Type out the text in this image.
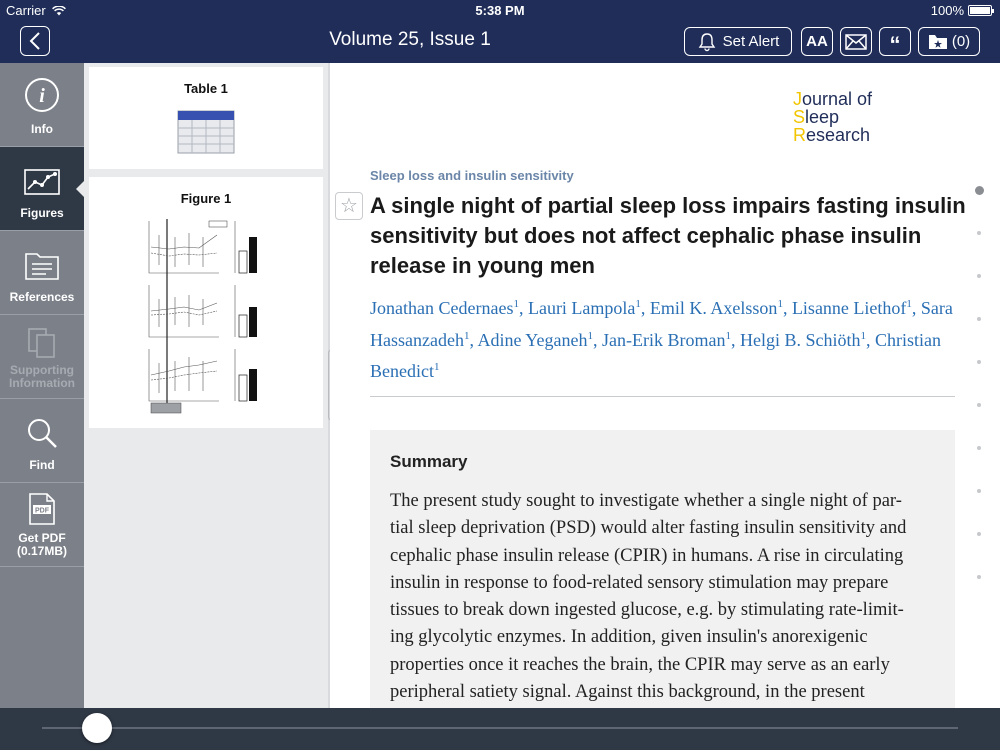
Carrier	5:38 PM	100%
Volume 25, Issue 1	Set Alert AA	“	(0)
i
Info
Figures
References
Supporting Information
Find
PDF
Get PDF (0.17MB)
Table 1
Figure 1
Journal of
Sleep
Research
Sleep loss and insulin sensitivity
☆ A single night of partial sleep loss impairs fasting insulin sensitivity but does not affect cephalic phase insulin release in young men
Jonathan Cedernaes$^1$, Lauri Lampola$^1$, Emil K. Axelsson$^1$, Lisanne Liethof$^1$, Sara Hassanzadeh$^1$, Adine Yeganeh$^1$, Jan-Erik Broman$^1$, Helgi B. Schiöth$^1$, Christian Benedict$^1$
Summary
The present study sought to investigate whether a single night of par-
tial sleep deprivation (PSD) would alter fasting insulin sensitivity and
cephalic phase insulin release (CPIR) in humans. A rise in circulating
insulin in response to food-related sensory stimulation may prepare
tissues to break down ingested glucose, e.g. by stimulating rate-limit-
ing glycolytic enzymes. In addition, given insulin's anorexigenic
properties once it reaches the brain, the CPIR may serve as an early
peripheral satiety signal. Against this background, in the present
